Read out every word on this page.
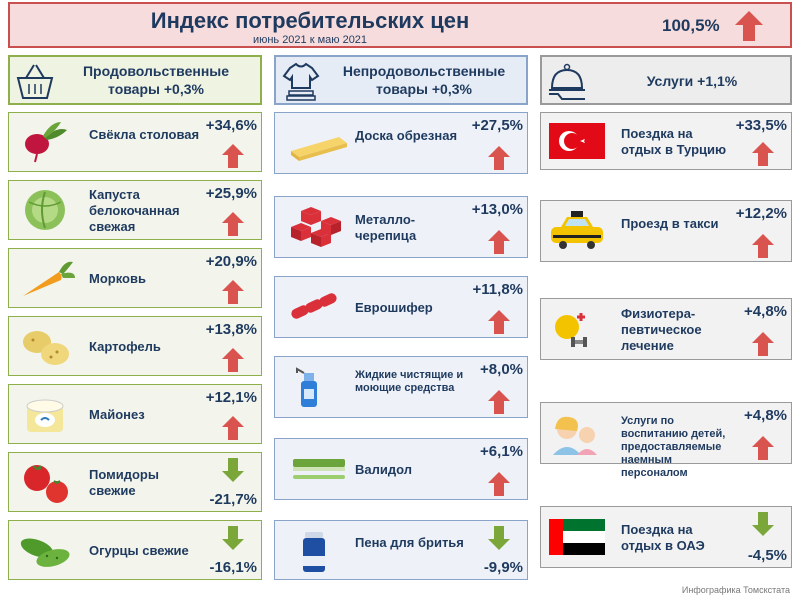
Индекс потребительских цен
июнь 2021 к маю 2021
100,5%
Продовольственные товары +0,3%
Непродовольственные товары +0,3%	Услуги +1,1%
Свёкла столовая
+34,6%
Капуста белокочанная свежая
+25,9%
Морковь
+20,9%
Картофель
+13,8%
Майонез
+12,1%
Помидоры свежие
-21,7%
Огурцы свежие
-16,1%
Доска обрезная
+27,5%
Металло-черепица
+13,0%
Еврошифер
+11,8%
Жидкие чистящие и моющие средства
+8,0%
Валидол
+6,1%
Пена для бритья
-9,9%
Поездка на отдых в Турцию
+33,5%
Проезд в такси
+12,2%
Физиотера-певтическое лечение
+4,8%
Услуги по воспитанию детей, предоставляемые наемным персоналом
+4,8%
Поездка на отдых в ОАЭ
-4,5%
Инфографика Томскстата
